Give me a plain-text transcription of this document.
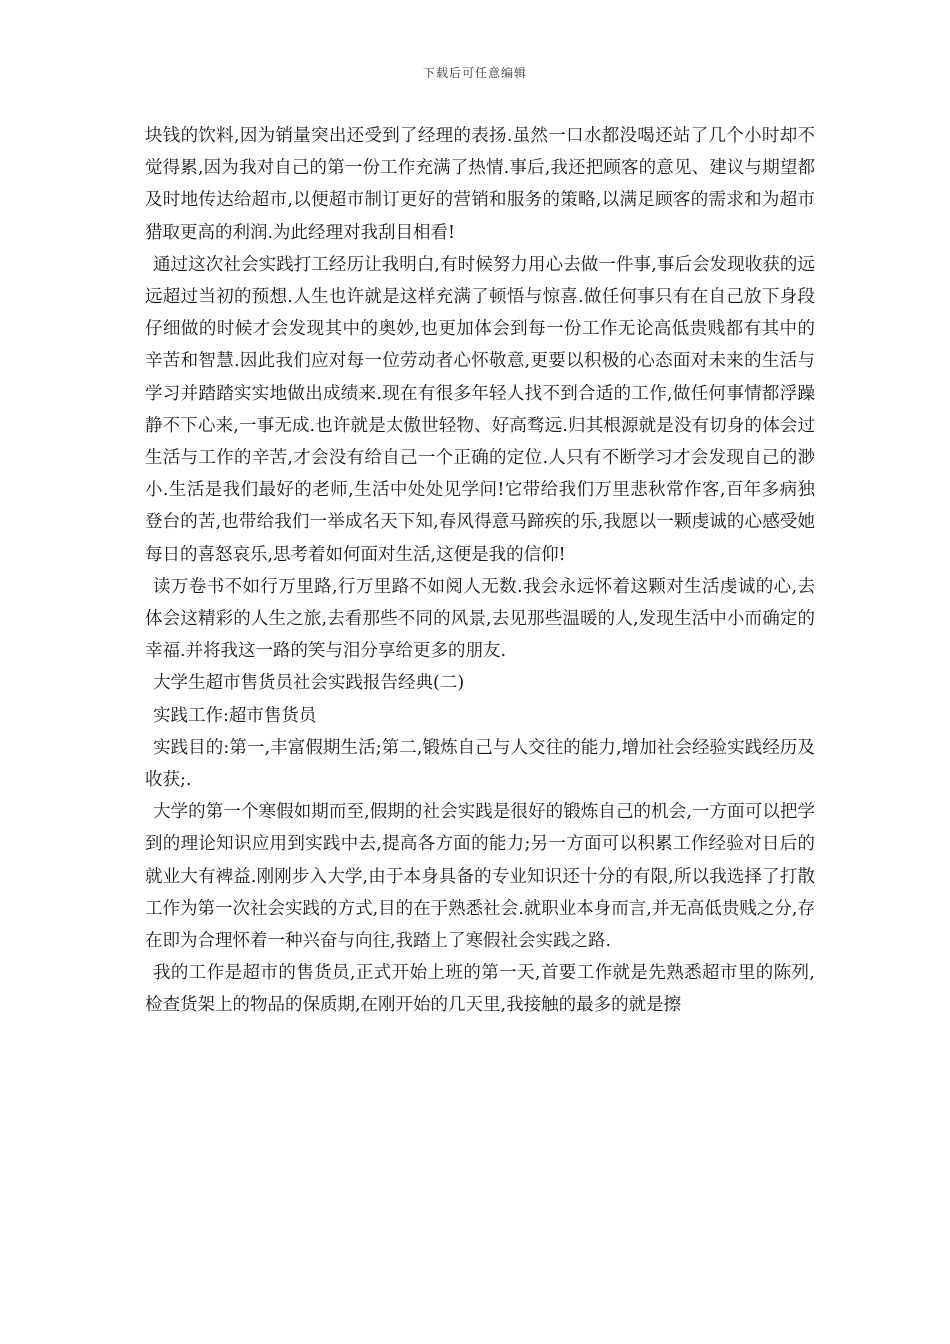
下载后可任意编辑

块钱的饮料,因为销量突出还受到了经理的表扬.虽然一口水都没喝还站了几个小时却不觉得累,因为我对自己的第一份工作充满了热情.事后,我还把顾客的意见、建议与期望都及时地传达给超市,以便超市制订更好的营销和服务的策略,以满足顾客的需求和为超市猎取更高的利润.为此经理对我刮目相看!

通过这次社会实践打工经历让我明白,有时候努力用心去做一件事,事后会发现收获的远远超过当初的预想.人生也许就是这样充满了顿悟与惊喜.做任何事只有在自己放下身段仔细做的时候才会发现其中的奥妙,也更加体会到每一份工作无论高低贵贱都有其中的辛苦和智慧.因此我们应对每一位劳动者心怀敬意,更要以积极的心态面对未来的生活与学习并踏踏实实地做出成绩来.现在有很多年轻人找不到合适的工作,做任何事情都浮躁静不下心来,一事无成.也许就是太傲世轻物、好高骛远.归其根源就是没有切身的体会过生活与工作的辛苦,才会没有给自己一个正确的定位.人只有不断学习才会发现自己的渺小.生活是我们最好的老师,生活中处处见学问!它带给我们万里悲秋常作客,百年多病独登台的苦,也带给我们一举成名天下知,春风得意马蹄疾的乐,我愿以一颗虔诚的心感受她每日的喜怒哀乐,思考着如何面对生活,这便是我的信仰!

读万卷书不如行万里路,行万里路不如阅人无数.我会永远怀着这颗对生活虔诚的心,去体会这精彩的人生之旅,去看那些不同的风景,去见那些温暖的人,发现生活中小而确定的幸福.并将我这一路的笑与泪分享给更多的朋友.

大学生超市售货员社会实践报告经典(二)

实践工作:超市售货员

实践目的:第一,丰富假期生活;第二,锻炼自己与人交往的能力,增加社会经验实践经历及收获;.

大学的第一个寒假如期而至,假期的社会实践是很好的锻炼自己的机会,一方面可以把学到的理论知识应用到实践中去,提高各方面的能力;另一方面可以积累工作经验对日后的就业大有裨益.刚刚步入大学,由于本身具备的专业知识还十分的有限,所以我选择了打散工作为第一次社会实践的方式,目的在于熟悉社会.就职业本身而言,并无高低贵贱之分,存在即为合理怀着一种兴奋与向往,我踏上了寒假社会实践之路.

我的工作是超市的售货员,正式开始上班的第一天,首要工作就是先熟悉超市里的陈列,检查货架上的物品的保质期,在刚开始的几天里,我接触的最多的就是擦
